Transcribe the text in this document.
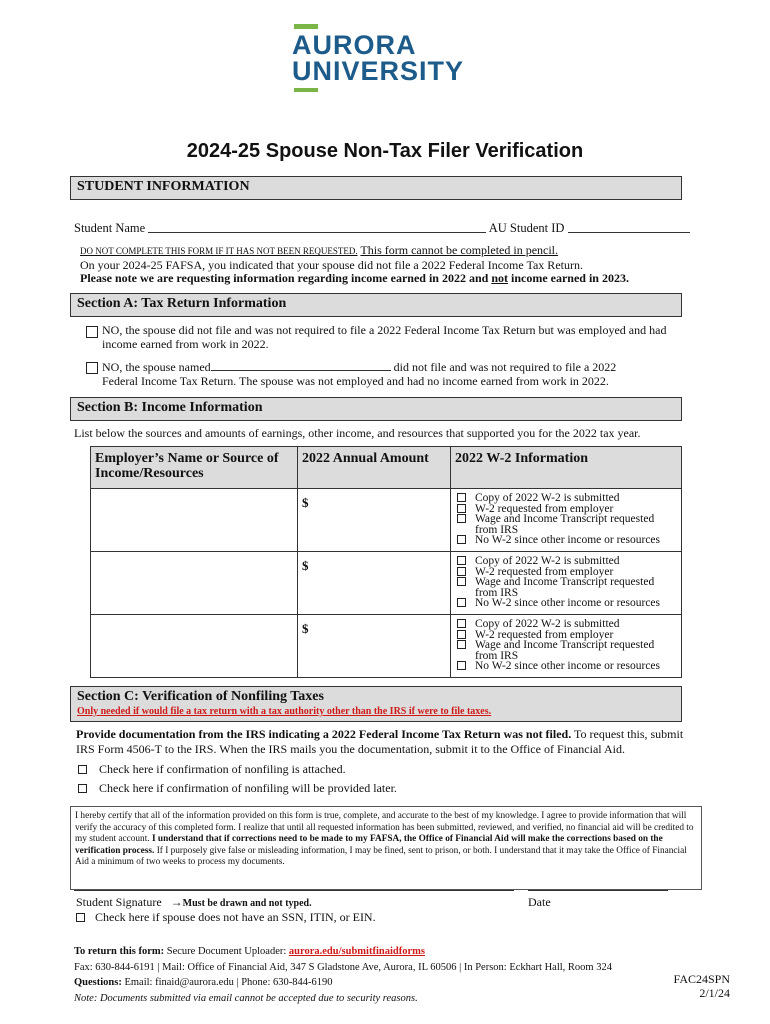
AURORA
UNIVERSITY
2024-25 Spouse Non-Tax Filer Verification
STUDENT INFORMATION
Student Name	AU Student ID
DO NOT COMPLETE THIS FORM IF IT HAS NOT BEEN REQUESTED. This form cannot be completed in pencil.
On your 2024-25 FAFSA, you indicated that your spouse did not file a 2022 Federal Income Tax Return.
Please note we are requesting information regarding income earned in 2022 and not income earned in 2023.
Section A: Tax Return Information
NO, the spouse did not file and was not required to file a 2022 Federal Income Tax Return but was employed and had income earned from work in 2022.
NO, the spouse named	did not file and was not required to file a 2022
Federal Income Tax Return. The spouse was not employed and had no income earned from work in 2022.
Section B: Income Information
List below the sources and amounts of earnings, other income, and resources that supported you for the 2022 tax year.
Employer’s Name or Source of Income/Resources	2022 Annual Amount	2022 W-2 Information
	$	Copy of 2022 W-2 is submitted
W-2 requested from employer
Wage and Income Transcript requested from IRS
No W-2 since other income or resources

	$	Copy of 2022 W-2 is submitted
W-2 requested from employer
Wage and Income Transcript requested from IRS
No W-2 since other income or resources

	$	Copy of 2022 W-2 is submitted
W-2 requested from employer
Wage and Income Transcript requested from IRS
No W-2 since other income or resources
Section C: Verification of Nonfiling Taxes
Only needed if would file a tax return with a tax authority other than the IRS if were to file taxes.
Provide documentation from the IRS indicating a 2022 Federal Income Tax Return was not filed. To request this, submit IRS Form 4506-T to the IRS. When the IRS mails you the documentation, submit it to the Office of Financial Aid.
Check here if confirmation of nonfiling is attached.
Check here if confirmation of nonfiling will be provided later.
I hereby certify that all of the information provided on this form is true, complete, and accurate to the best of my knowledge. I agree to provide information that will verify the accuracy of this completed form. I realize that until all requested information has been submitted, reviewed, and verified, no financial aid will be credited to my student account. I understand that if corrections need to be made to my FAFSA, the Office of Financial Aid will make the corrections based on the verification process. If I purposely give false or misleading information, I may be fined, sent to prison, or both. I understand that it may take the Office of Financial Aid a minimum of two weeks to process my documents.
Student Signature →Must be drawn and not typed.	Date
Check here if spouse does not have an SSN, ITIN, or EIN.
To return this form: Secure Document Uploader: aurora.edu/submitfinaidforms
Fax: 630-844-6191 | Mail: Office of Financial Aid, 347 S Gladstone Ave, Aurora, IL 60506 | In Person: Eckhart Hall, Room 324
Questions: Email: finaid@aurora.edu | Phone: 630-844-6190
Note: Documents submitted via email cannot be accepted due to security reasons.
FAC24SPN
2/1/24
